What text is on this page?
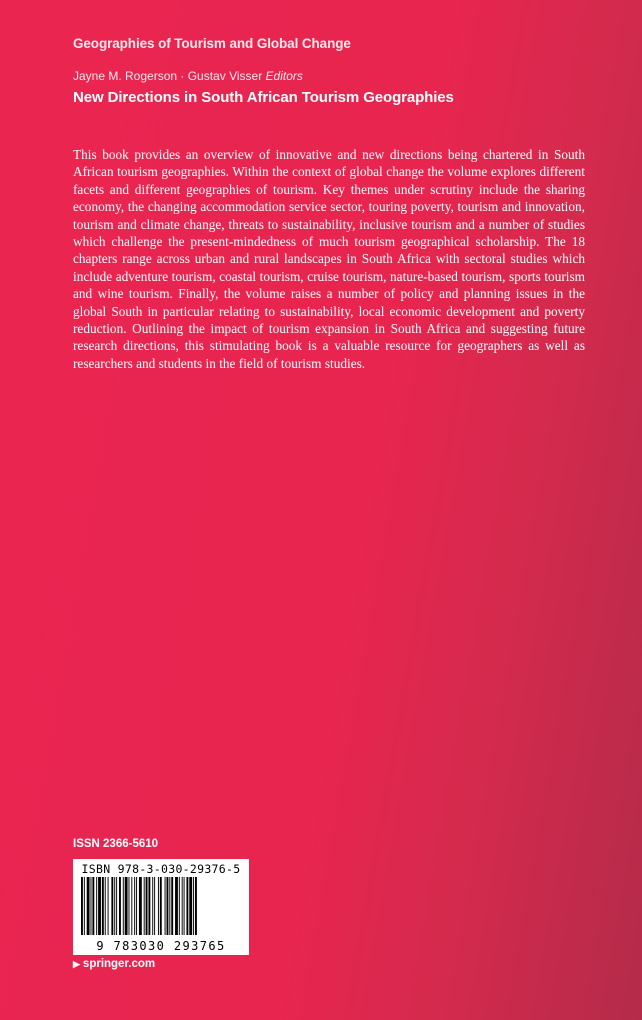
Geographies of Tourism and Global Change
Jayne M. Rogerson · Gustav Visser Editors
New Directions in South African Tourism Geographies

This book provides an overview of innovative and new directions being chartered in South African tourism geographies. Within the context of global change the volume explores different facets and different geographies of tourism. Key themes under scrutiny include the sharing economy, the changing accommodation service sector, touring poverty, tourism and innovation, tourism and climate change, threats to sustainability, inclusive tourism and a number of studies which challenge the present-mindedness of much tourism geographical scholarship. The 18 chapters range across urban and rural landscapes in South Africa with sectoral studies which include adventure tourism, coastal tourism, cruise tourism, nature-based tourism, sports tourism and wine tourism. Finally, the volume raises a number of policy and planning issues in the global South in particular relating to sustainability, local economic development and poverty reduction. Outlining the impact of tourism expansion in South Africa and suggesting future research directions, this stimulating book is a valuable resource for geographers as well as researchers and students in the field of tourism studies.

ISSN 2366-5610
ISBN 978-3-030-29376-5
9 783030 293765
▶ springer.com
